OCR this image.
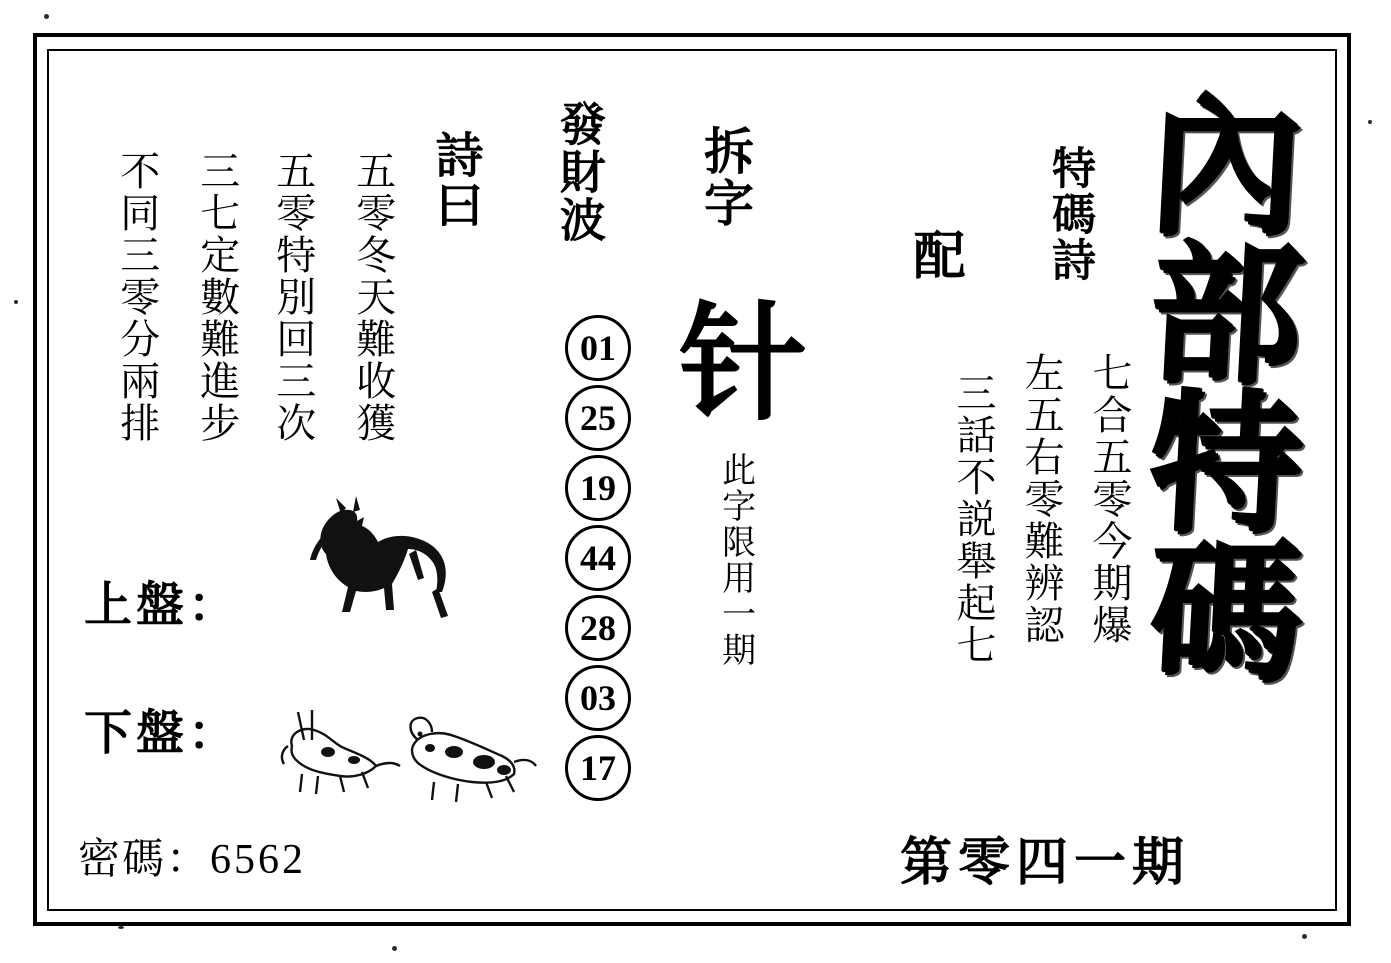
內
部
特
碼
特碼詩
七合五零今期爆
左五右零難辨認
三話不説舉起七
配
拆字
针
此字限用一期
發財波
01
25
19
44
28
03
17
詩曰
五零冬天難收獲
五零特別回三次
三七定數難進步
不同三零分兩排
上盤：
下盤：
密碼：6562	第零四一期
